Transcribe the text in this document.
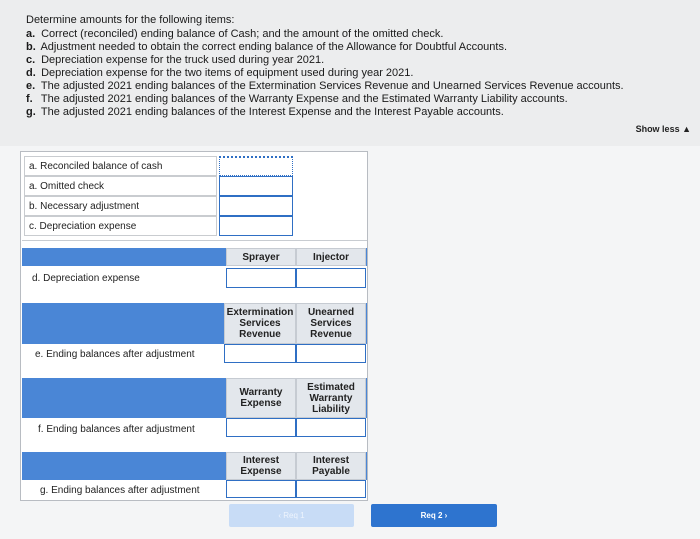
Determine amounts for the following items:
a. Correct (reconciled) ending balance of Cash; and the amount of the omitted check.
b. Adjustment needed to obtain the correct ending balance of the Allowance for Doubtful Accounts.
c. Depreciation expense for the truck used during year 2021.
d. Depreciation expense for the two items of equipment used during year 2021.
e. The adjusted 2021 ending balances of the Extermination Services Revenue and Unearned Services Revenue accounts.
f. The adjusted 2021 ending balances of the Warranty Expense and the Estimated Warranty Liability accounts.
g. The adjusted 2021 ending balances of the Interest Expense and the Interest Payable accounts.
Show less ▲
a. Reconciled balance of cash
a. Omitted check
b. Necessary adjustment
c. Depreciation expense
Sprayer	Injector
d. Depreciation expense
Extermination Services Revenue
Unearned Services Revenue
e. Ending balances after adjustment
Warranty Expense
Estimated Warranty Liability
f. Ending balances after adjustment
Interest Expense
Interest Payable
g. Ending balances after adjustment
‹ Req 1	Req 2 ›
